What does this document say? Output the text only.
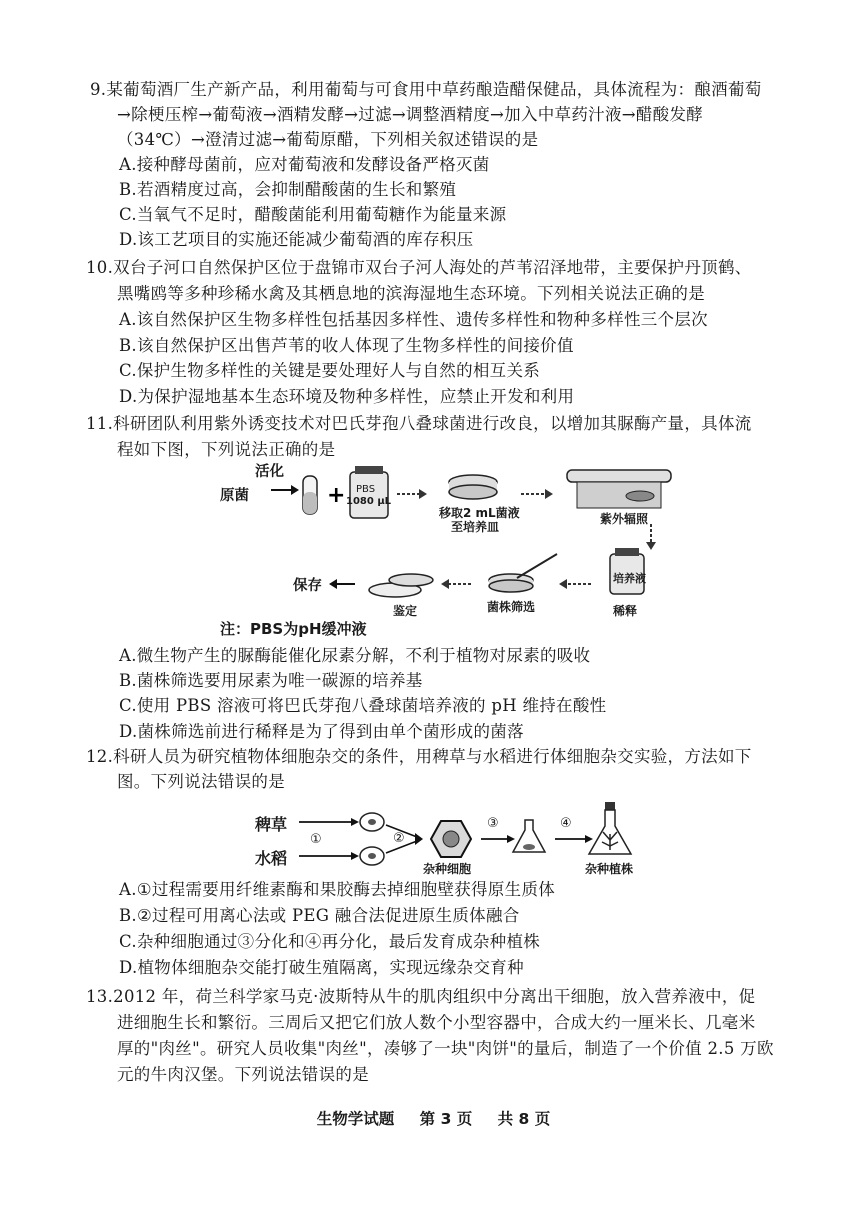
9.某葡萄酒厂生产新产品，利用葡萄与可食用中草药酿造醋保健品，具体流程为：酿酒葡萄
→除梗压榨→葡萄液→酒精发酵→过滤→调整酒精度→加入中草药汁液→醋酸发酵
（34℃）→澄清过滤→葡萄原醋，下列相关叙述错误的是
A.接种酵母菌前，应对葡萄液和发酵设备严格灭菌
B.若酒精度过高，会抑制醋酸菌的生长和繁殖
C.当氧气不足时，醋酸菌能利用葡萄糖作为能量来源
D.该工艺项目的实施还能减少葡萄酒的库存积压
10.双台子河口自然保护区位于盘锦市双台子河人海处的芦苇沼泽地带，主要保护丹顶鹤、
黑嘴鸥等多种珍稀水禽及其栖息地的滨海湿地生态环境。下列相关说法正确的是
A.该自然保护区生物多样性包括基因多样性、遗传多样性和物种多样性三个层次
B.该自然保护区出售芦苇的收人体现了生物多样性的间接价值
C.保护生物多样性的关键是要处理好人与自然的相互关系
D.为保护湿地基本生态环境及物种多样性，应禁止开发和利用
11.科研团队利用紫外诱变技术对巴氏芽孢八叠球菌进行改良，以增加其脲酶产量，具体流
程如下图，下列说法正确的是
+
活化
原菌	PBS
1080 μL
移取2 mL菌液
至培养皿
紫外辐照
培养液
稀释
菌株筛选
鉴定
保存
注：PBS为pH缓冲液
A.微生物产生的脲酶能催化尿素分解，不利于植物对尿素的吸收
B.菌株筛选要用尿素为唯一碳源的培养基
C.使用 PBS 溶液可将巴氏芽孢八叠球菌培养液的 pH 维持在酸性
D.菌株筛选前进行稀释是为了得到由单个菌形成的菌落
12.科研人员为研究植物体细胞杂交的条件，用稗草与水稻进行体细胞杂交实验，方法如下
图。下列说法错误的是
稗草
水稻
①	②
③	④
杂种细胞	杂种植株
A.①过程需要用纤维素酶和果胶酶去掉细胞壁获得原生质体
B.②过程可用离心法或 PEG 融合法促进原生质体融合
C.杂种细胞通过③分化和④再分化，最后发育成杂种植株
D.植物体细胞杂交能打破生殖隔离，实现远缘杂交育种
13.2012 年，荷兰科学家马克·波斯特从牛的肌肉组织中分离出干细胞，放入营养液中，促
进细胞生长和繁衍。三周后又把它们放人数个小型容器中，合成大约一厘米长、几毫米
厚的"肉丝"。研究人员收集"肉丝"，凑够了一块"肉饼"的量后，制造了一个价值 2.5 万欧
元的牛肉汉堡。下列说法错误的是
生物学试题 第 3 页 共 8 页
